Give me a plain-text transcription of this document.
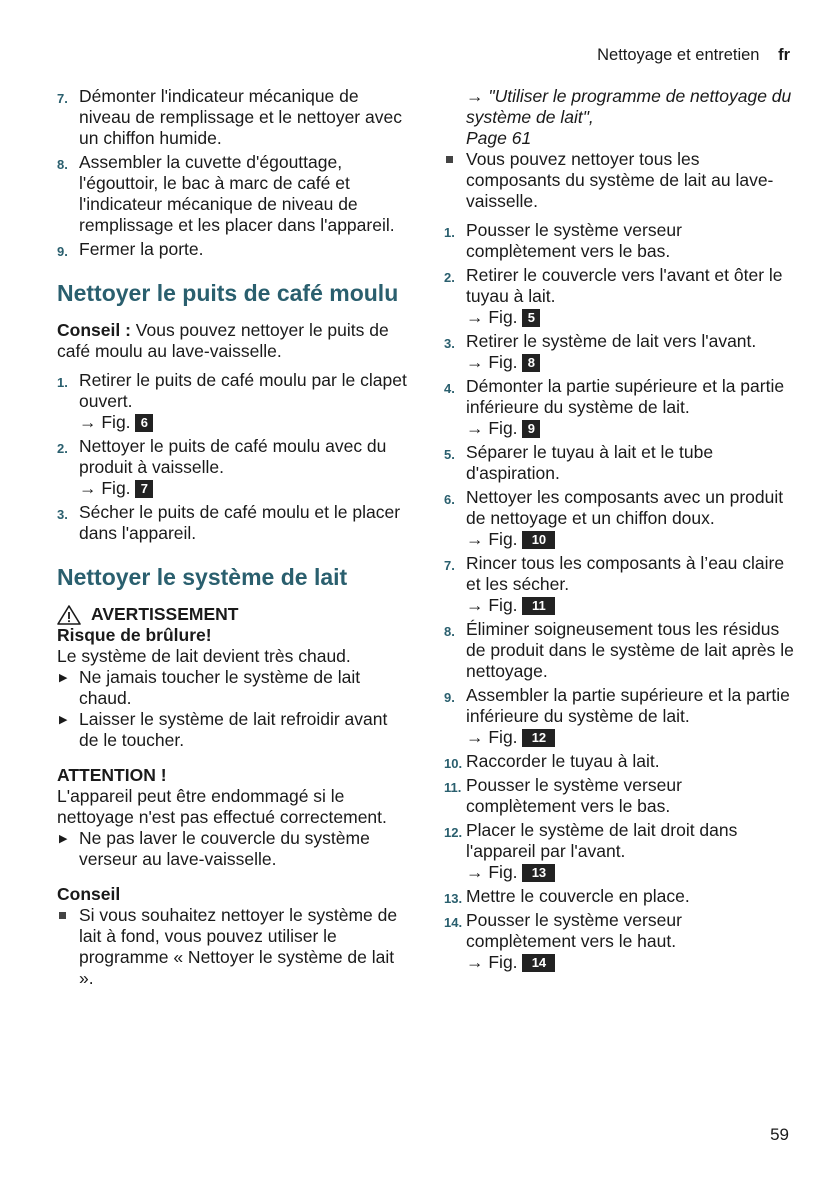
Nettoyage et entretien fr
7. Démonter l'indicateur mécanique de niveau de remplissage et le nettoyer avec un chiffon humide.
8. Assembler la cuvette d'égouttage, l'égouttoir, le bac à marc de café et l'indicateur mécanique de niveau de remplissage et les placer dans l'appareil.
9. Fermer la porte.
Nettoyer le puits de café moulu

Conseil : Vous pouvez nettoyer le puits de café moulu au lave-vaisselle.

1. Retirer le puits de café moulu par le clapet ouvert.
→ Fig. 6
2. Nettoyer le puits de café moulu avec du produit à vaisselle.
→ Fig. 7
3. Sécher le puits de café moulu et le placer dans l'appareil.
Nettoyer le système de lait
AVERTISSEMENT

Risque de brûlure!

Le système de lait devient très chaud.

▶ Ne jamais toucher le système de lait chaud.
▶ Laisser le système de lait refroidir avant de le toucher.

ATTENTION !

L'appareil peut être endommagé si le nettoyage n'est pas effectué correctement.

▶ Ne pas laver le couvercle du système verseur au lave-vaisselle.

Conseil

Si vous souhaitez nettoyer le système de lait à fond, vous pouvez utiliser le programme « Nettoyer le système de lait ».

→ "Utiliser le programme de nettoyage du système de lait",

Page 61

Vous pouvez nettoyer tous les composants du système de lait au lave-vaisselle.
1. Pousser le système verseur complètement vers le bas.
2. Retirer le couvercle vers l'avant et ôter le tuyau à lait.
→ Fig. 5
3. Retirer le système de lait vers l'avant.
→ Fig. 8
4. Démonter la partie supérieure et la partie inférieure du système de lait.
→ Fig. 9
5. Séparer le tuyau à lait et le tube d'aspiration.
6. Nettoyer les composants avec un produit de nettoyage et un chiffon doux.
→ Fig. 10
7. Rincer tous les composants à l’eau claire et les sécher.
→ Fig. 11
8. Éliminer soigneusement tous les résidus de produit dans le système de lait après le nettoyage.
9. Assembler la partie supérieure et la partie inférieure du système de lait.
→ Fig. 12
10. Raccorder le tuyau à lait.
11. Pousser le système verseur complètement vers le bas.
12. Placer le système de lait droit dans l'appareil par l'avant.
→ Fig. 13
13. Mettre le couvercle en place.
14. Pousser le système verseur complètement vers le haut.
→ Fig. 14
59
